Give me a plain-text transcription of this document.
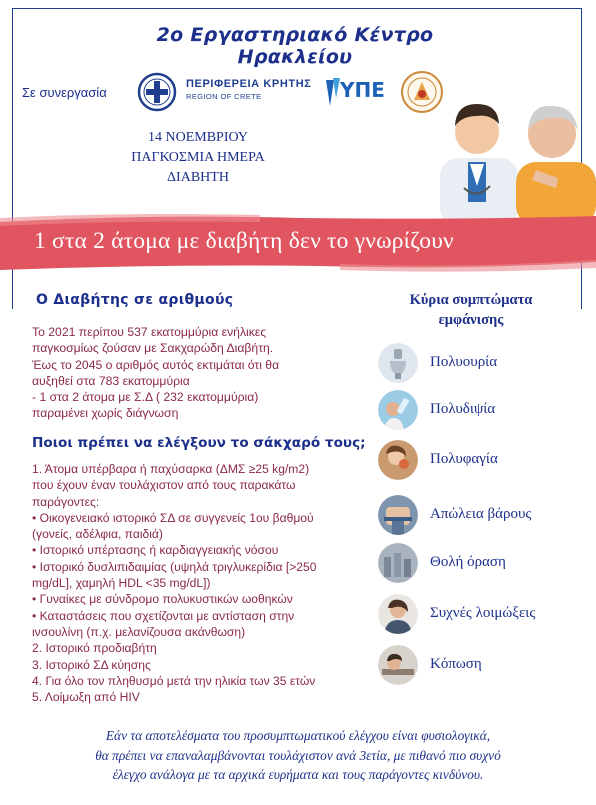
2ο Εργαστηριακό Κέντρο Ηρακλείου
Σε συνεργασία
ΠΕΡΙΦΕΡΕΙΑ ΚΡΗΤΗΣ
REGION OF CRETE	ΥΠΕ
14 ΝΟΕΜΒΡΙΟΥ
ΠΑΓΚΟΣΜΙΑ ΗΜΕΡΑ
ΔΙΑΒΗΤΗ
1 στα 2 άτομα με διαβήτη δεν το γνωρίζουν
Ο Διαβήτης σε αριθμούς
Το 2021 περίπου 537 εκατομμύρια ενήλικες
παγκοσμίως ζούσαν με Σακχαρώδη Διαβήτη.
Έως το 2045 ο αριθμός αυτός εκτιμάται ότι θα
αυξηθεί στα 783 εκατομμύρια
- 1 στα 2 άτομα με Σ.Δ ( 232 εκατομμύρια)
παραμένει χωρίς διάγνωση
Ποιοι πρέπει να ελέγξουν το σάκχαρό τους;
1. Άτομα υπέρβαρα ή παχύσαρκα (ΔΜΣ ≥25 kg/m2)
που έχουν έναν τουλάχιστον από τους παρακάτω
παράγοντες:
• Οικογενειακό ιστορικό ΣΔ σε συγγενείς 1ου βαθμού
(γονείς, αδέλφια, παιδιά)
• Ιστορικό υπέρτασης ή καρδιαγγειακής νόσου
• Ιστορικό δυσλιπιδαιμίας (υψηλά τριγλυκερίδια [>250
mg/dL], χαμηλή HDL <35 mg/dL])
• Γυναίκες με σύνδρομο πολυκυστικών ωοθηκών
• Καταστάσεις που σχετίζονται με αντίσταση στην
ινσουλίνη (π.χ. μελανίζουσα ακάνθωση)
2. Ιστορικό προδιαβήτη
3. Ιστορικό ΣΔ κύησης
4. Για όλο τον πληθυσμό μετά την ηλικία των 35 ετών
5. Λοίμωξη από HIV
Κύρια συμπτώματα
εμφάνισης
Πολυουρία
Πολυδιψία
Πολυφαγία
Απώλεια βάρους
Θολή όραση
Συχνές λοιμώξεις
Κόπωση
Εάν τα αποτελέσματα του προσυμπτωματικού ελέγχου είναι φυσιολογικά,
θα πρέπει να επαναλαμβάνονται τουλάχιστον ανά 3ετία, με πιθανό πιο συχνό
έλεγχο ανάλογα με τα αρχικά ευρήματα και τους παράγοντες κινδύνου.
